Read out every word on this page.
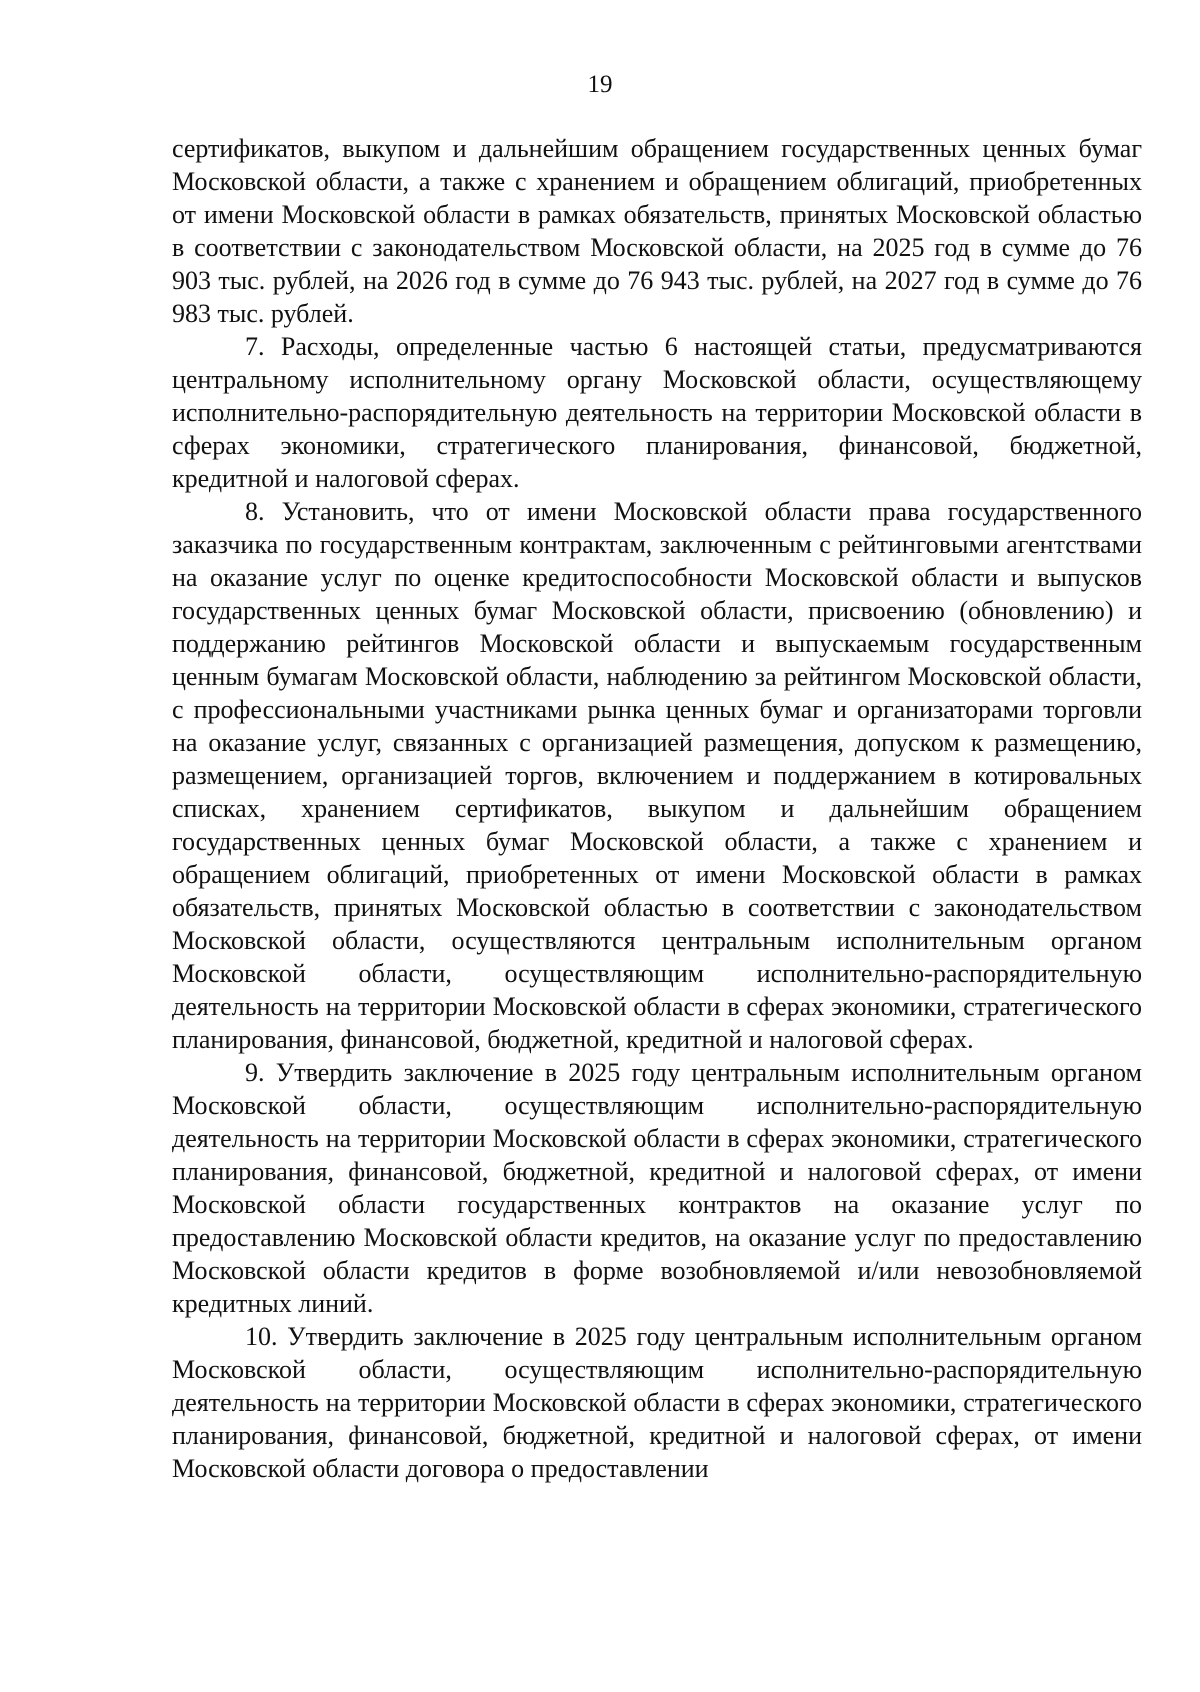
19

сертификатов, выкупом и дальнейшим обращением государственных ценных бумаг Московской области, а также с хранением и обращением облигаций, приобретенных от имени Московской области в рамках обязательств, принятых Московской областью в соответствии с законодательством Московской области, на 2025 год в сумме до 76 903 тыс. рублей, на 2026 год в сумме до 76 943 тыс. рублей, на 2027 год в сумме до 76 983 тыс. рублей.

7. Расходы, определенные частью 6 настоящей статьи, предусматриваются центральному исполнительному органу Московской области, осуществляющему исполнительно-распорядительную деятельность на территории Московской области в сферах экономики, стратегического планирования, финансовой, бюджетной, кредитной и налоговой сферах.

8. Установить, что от имени Московской области права государственного заказчика по государственным контрактам, заключенным с рейтинговыми агентствами на оказание услуг по оценке кредитоспособности Московской области и выпусков государственных ценных бумаг Московской области, присвоению (обновлению) и поддержанию рейтингов Московской области и выпускаемым государственным ценным бумагам Московской области, наблюдению за рейтингом Московской области, с профессиональными участниками рынка ценных бумаг и организаторами торговли на оказание услуг, связанных с организацией размещения, допуском к размещению, размещением, организацией торгов, включением и поддержанием в котировальных списках, хранением сертификатов, выкупом и дальнейшим обращением государственных ценных бумаг Московской области, а также с хранением и обращением облигаций, приобретенных от имени Московской области в рамках обязательств, принятых Московской областью в соответствии с законодательством Московской области, осуществляются центральным исполнительным органом Московской области, осуществляющим исполнительно-распорядительную деятельность на территории Московской области в сферах экономики, стратегического планирования, финансовой, бюджетной, кредитной и налоговой сферах.

9. Утвердить заключение в 2025 году центральным исполнительным органом Московской области, осуществляющим исполнительно-распорядительную деятельность на территории Московской области в сферах экономики, стратегического планирования, финансовой, бюджетной, кредитной и налоговой сферах, от имени Московской области государственных контрактов на оказание услуг по предоставлению Московской области кредитов, на оказание услуг по предоставлению Московской области кредитов в форме возобновляемой и/или невозобновляемой кредитных линий.

10. Утвердить заключение в 2025 году центральным исполнительным органом Московской области, осуществляющим исполнительно-распорядительную деятельность на территории Московской области в сферах экономики, стратегического планирования, финансовой, бюджетной, кредитной и налоговой сферах, от имени Московской области договора о предоставлении
